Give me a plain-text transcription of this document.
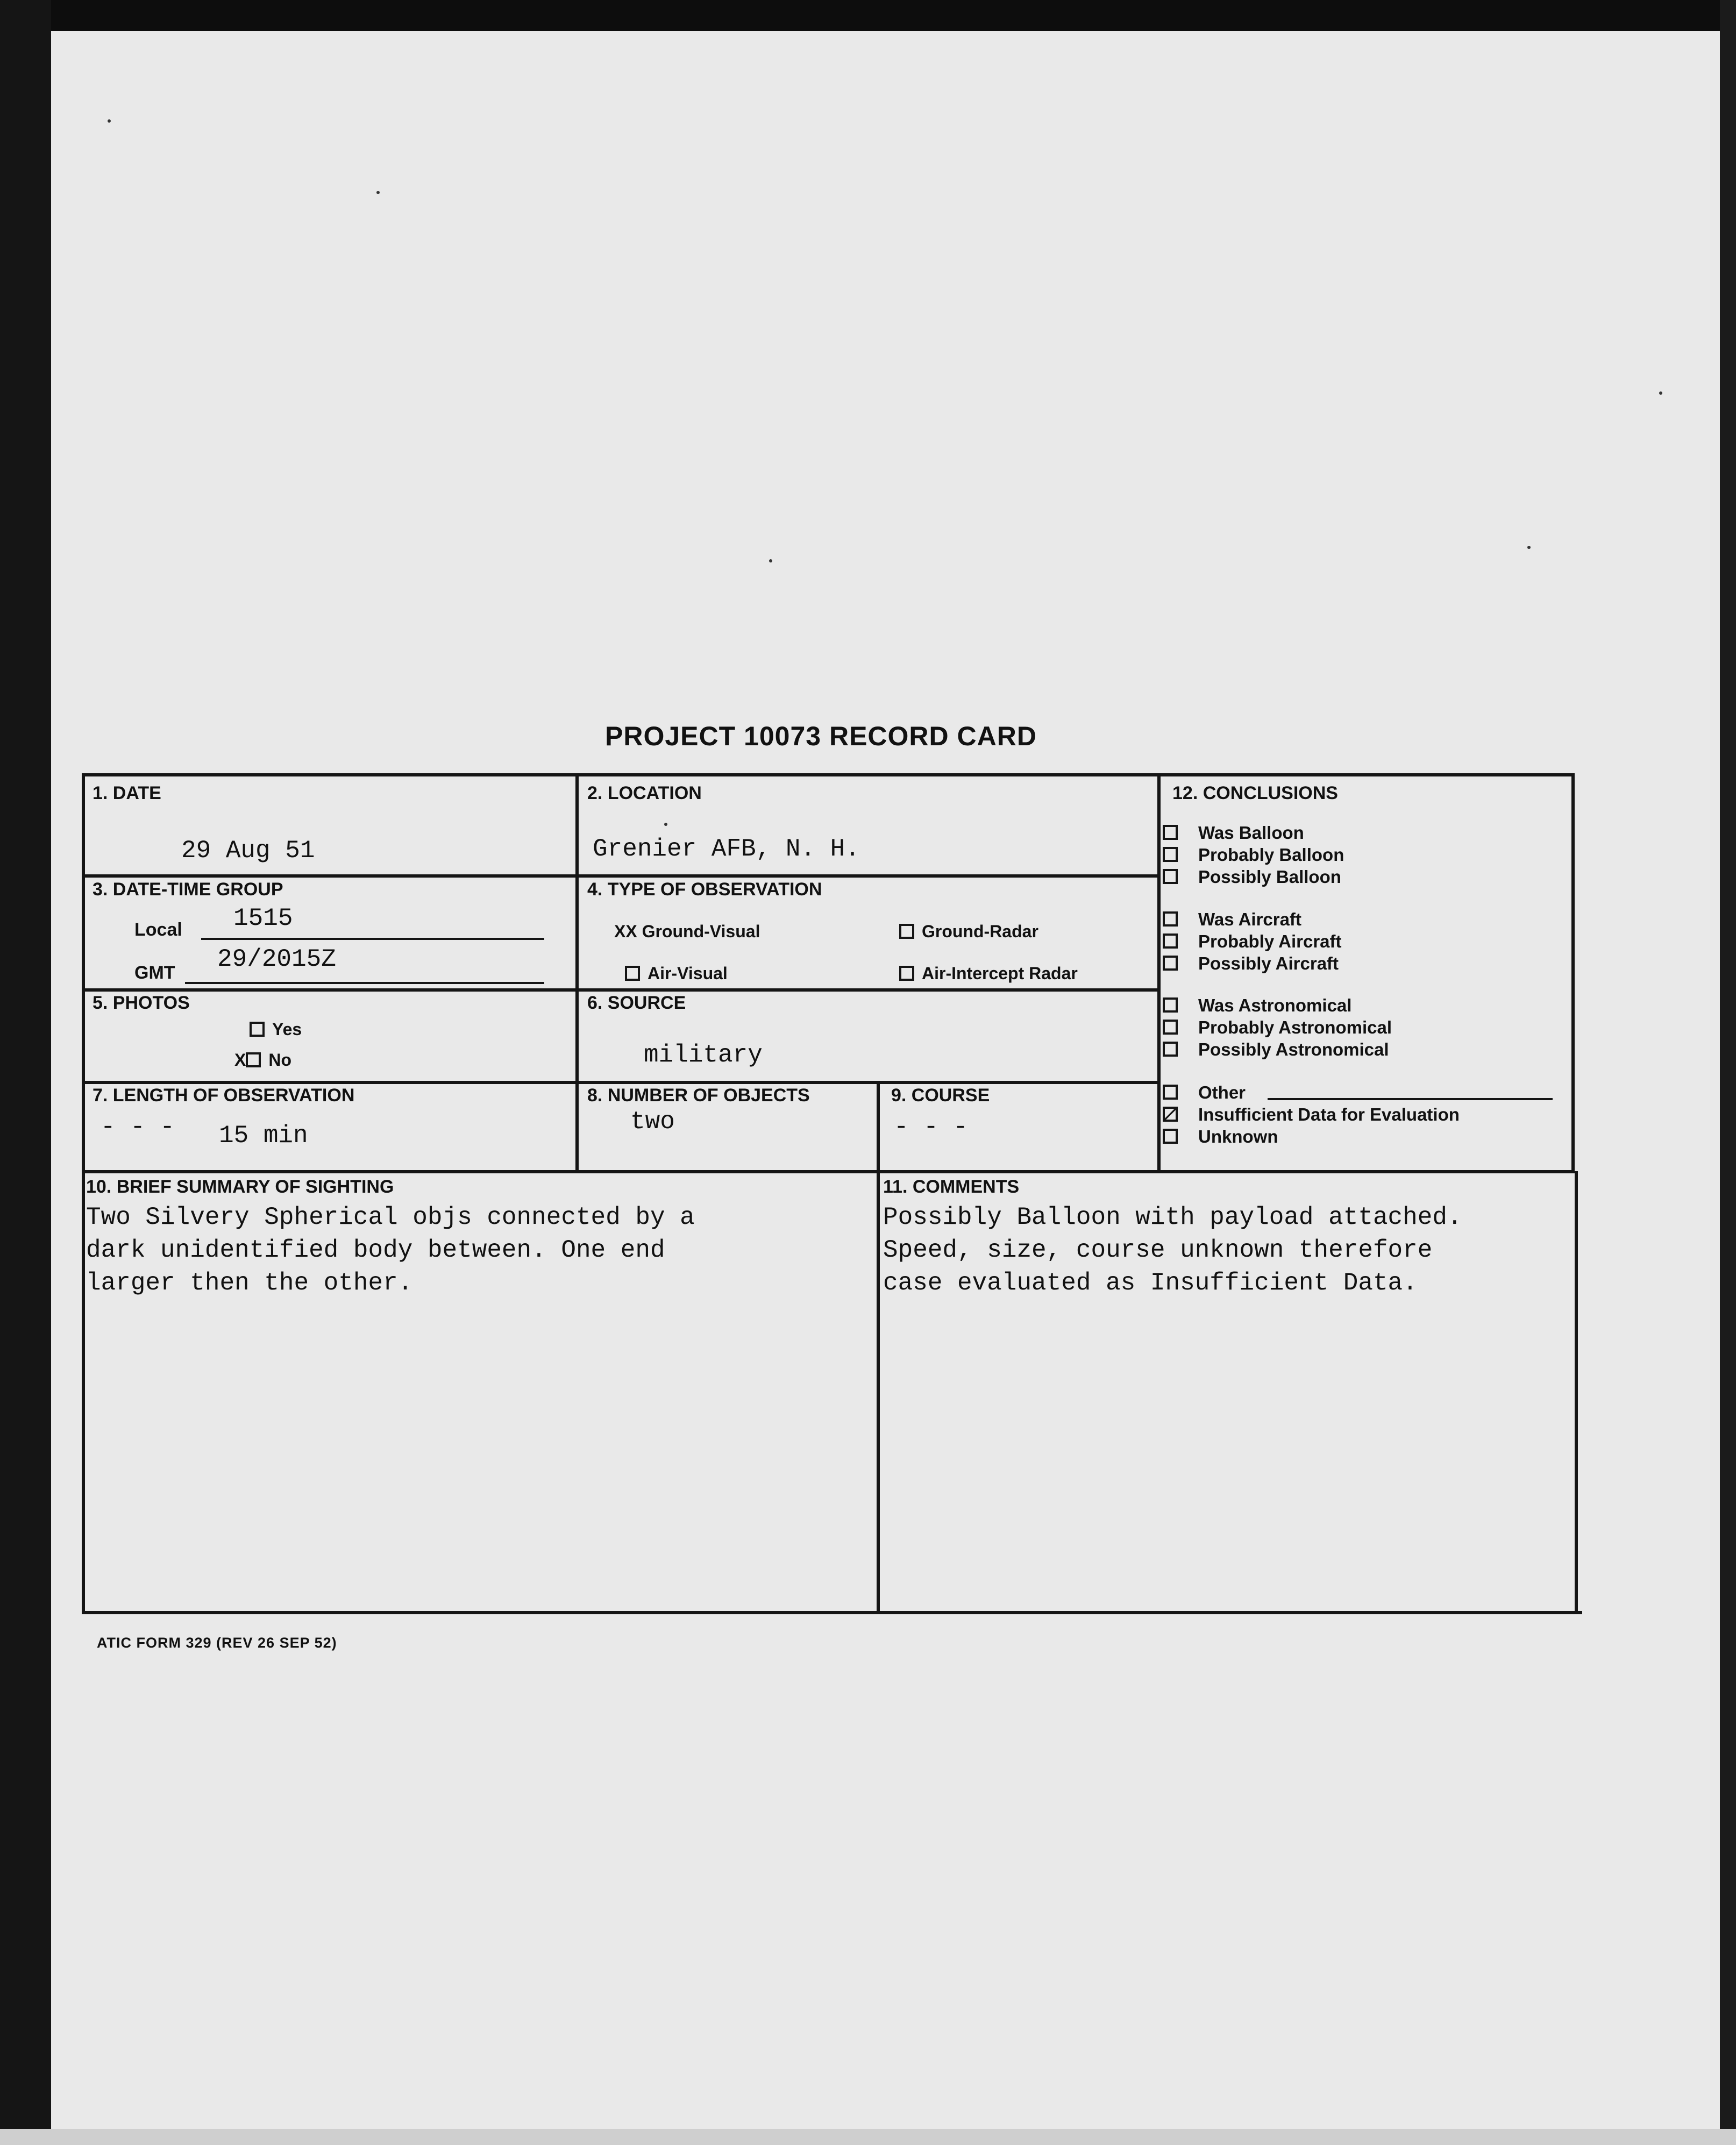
PROJECT 10073 RECORD CARD
1. DATE
29 Aug 51
2. LOCATION
Grenier AFB, N. H.
3. DATE-TIME GROUP
Local 1515
GMT 29/2015Z
4. TYPE OF OBSERVATION
XX Ground-Visual	Ground-Radar
Air-Visual	Air-Intercept Radar
5. PHOTOS
Yes
X No
6. SOURCE
military
7. LENGTH OF OBSERVATION
- - - 15 min
8. NUMBER OF OBJECTS
two
9. COURSE
- - -
12. CONCLUSIONS
Was Balloon
Probably Balloon
Possibly Balloon
Was Aircraft
Probably Aircraft
Possibly Aircraft
Was Astronomical
Probably Astronomical
Possibly Astronomical
Other
Insufficient Data for Evaluation
Unknown
10. BRIEF SUMMARY OF SIGHTING
Two Silvery Spherical objs connected by a
dark unidentified body between. One end
larger then the other.
11. COMMENTS
Possibly Balloon with payload attached.
Speed, size, course unknown therefore
case evaluated as Insufficient Data.
ATIC FORM 329 (REV 26 SEP 52)
